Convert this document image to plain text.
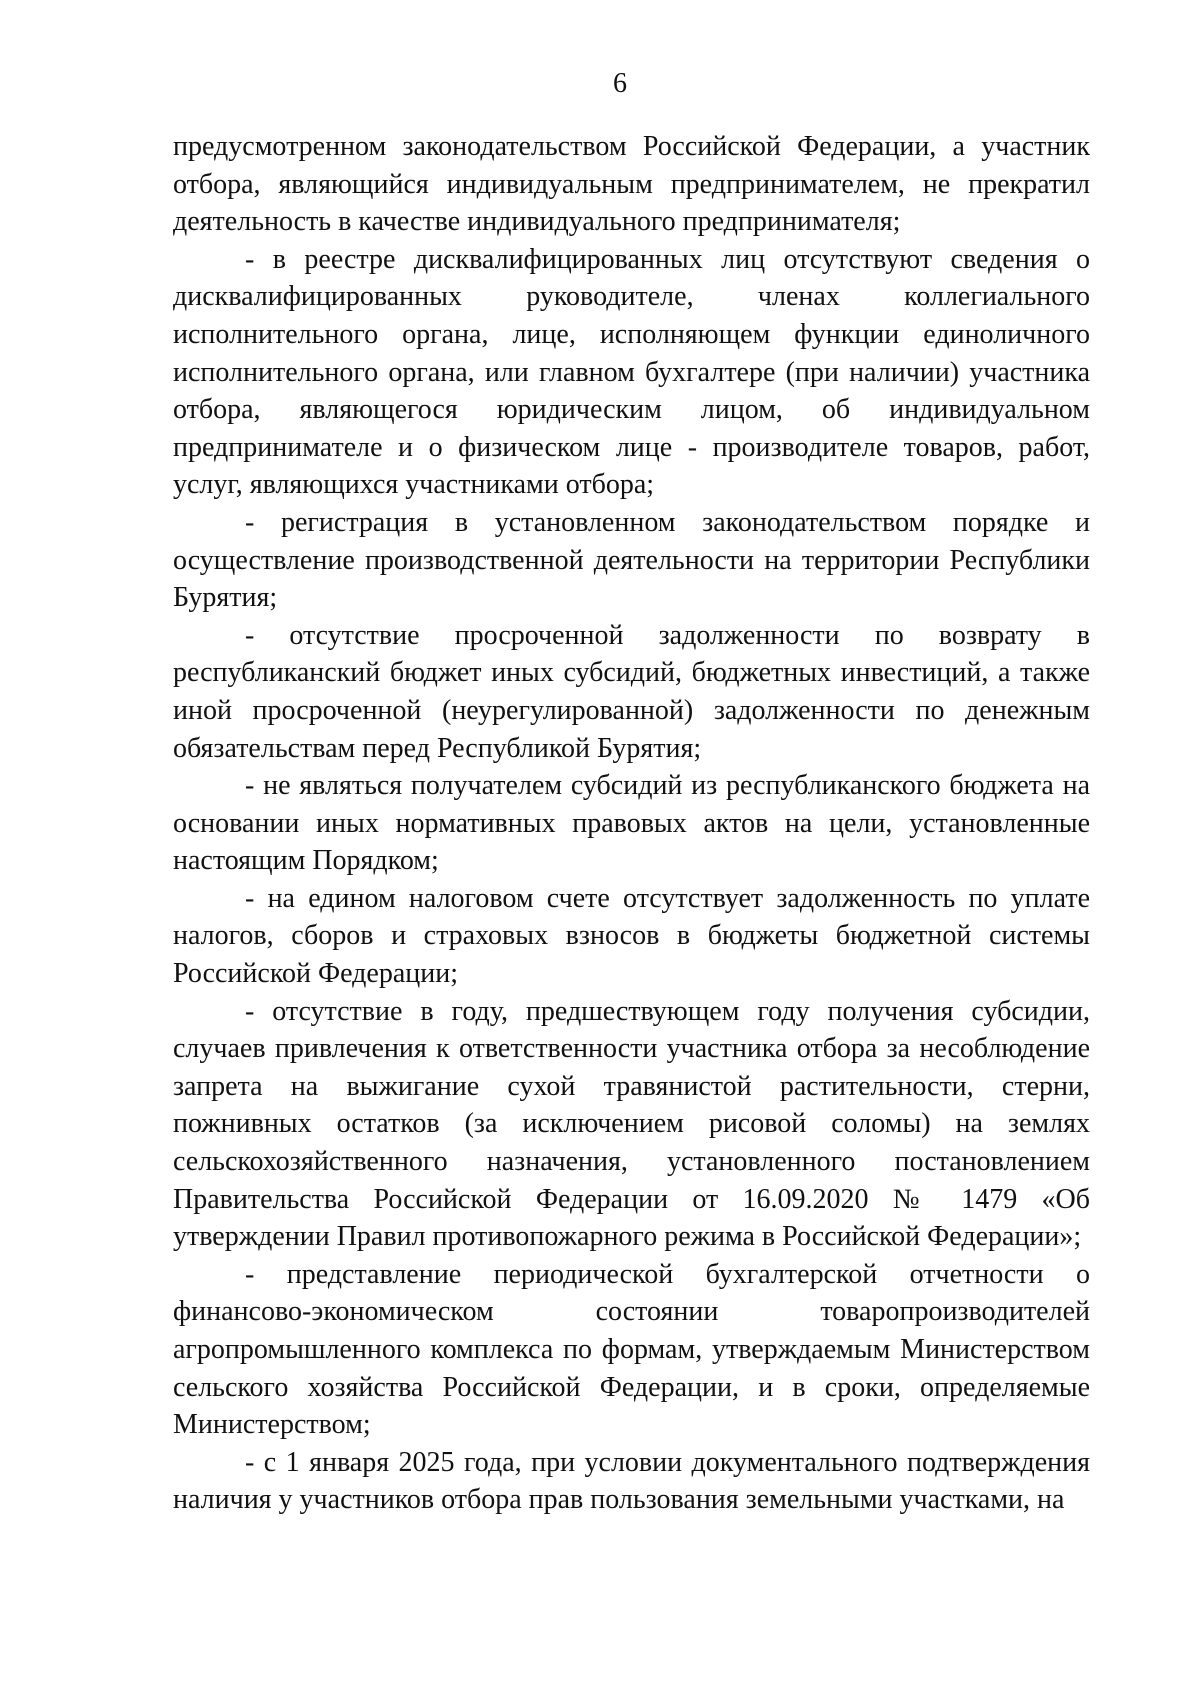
6

предусмотренном законодательством Российской Федерации, а участник отбора, являющийся индивидуальным предпринимателем, не прекратил деятельность в качестве индивидуального предпринимателя;

- в реестре дисквалифицированных лиц отсутствуют сведения о дисквалифицированных руководителе, членах коллегиального исполнительного органа, лице, исполняющем функции единоличного исполнительного органа, или главном бухгалтере (при наличии) участника отбора, являющегося юридическим лицом, об индивидуальном предпринимателе и о физическом лице - производителе товаров, работ, услуг, являющихся участниками отбора;

- регистрация в установленном законодательством порядке и осуществление производственной деятельности на территории Республики Бурятия;

- отсутствие просроченной задолженности по возврату в республиканский бюджет иных субсидий, бюджетных инвестиций, а также иной просроченной (неурегулированной) задолженности по денежным обязательствам перед Республикой Бурятия;

- не являться получателем субсидий из республиканского бюджета на основании иных нормативных правовых актов на цели, установленные настоящим Порядком;

- на едином налоговом счете отсутствует задолженность по уплате налогов, сборов и страховых взносов в бюджеты бюджетной системы Российской Федерации;

- отсутствие в году, предшествующем году получения субсидии, случаев привлечения к ответственности участника отбора за несоблюдение запрета на выжигание сухой травянистой растительности, стерни, пожнивных остатков (за исключением рисовой соломы) на землях сельскохозяйственного назначения, установленного постановлением Правительства Российской Федерации от 16.09.2020 № 1479 «Об утверждении Правил противопожарного режима в Российской Федерации»;

- представление периодической бухгалтерской отчетности о финансово-экономическом состоянии товаропроизводителей агропромышленного комплекса по формам, утверждаемым Министерством сельского хозяйства Российской Федерации, и в сроки, определяемые Министерством;

- с 1 января 2025 года, при условии документального подтверждения наличия у участников отбора прав пользования земельными участками, на
